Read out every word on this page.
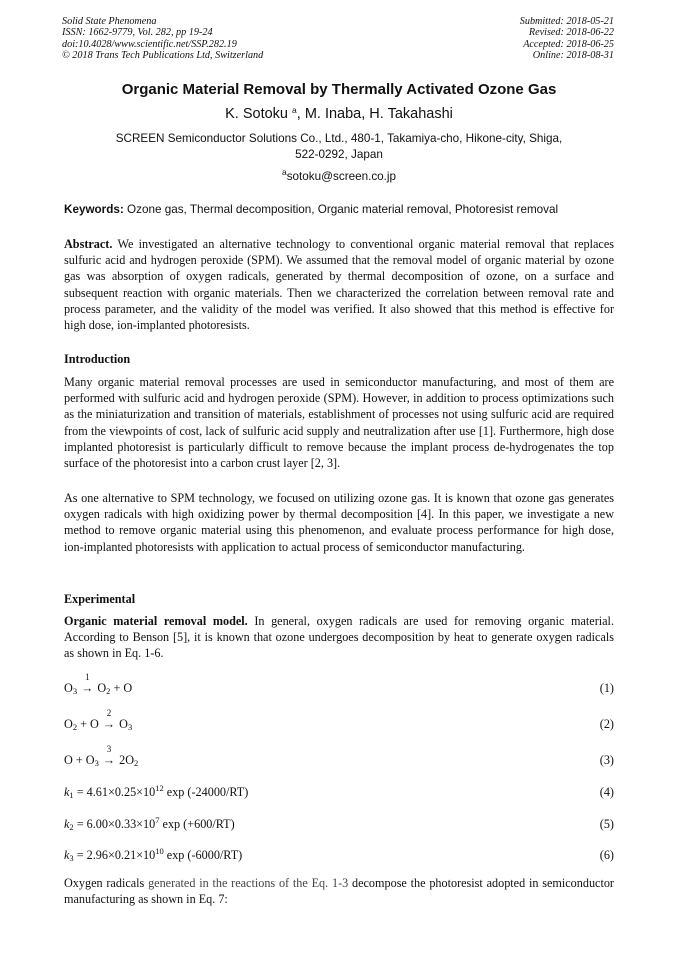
Solid State Phenomena
ISSN: 1662-9779, Vol. 282, pp 19-24
doi:10.4028/www.scientific.net/SSP.282.19
© 2018 Trans Tech Publications Ltd, Switzerland
Submitted: 2018-05-21
Revised: 2018-06-22
Accepted: 2018-06-25
Online: 2018-08-31
Organic Material Removal by Thermally Activated Ozone Gas
K. Sotoku $^a$, M. Inaba, H. Takahashi
SCREEN Semiconductor Solutions Co., Ltd., 480-1, Takamiya-cho, Hikone-city, Shiga,
522-0292, Japan
$^a$sotoku@screen.co.jp
Keywords: Ozone gas, Thermal decomposition, Organic material removal, Photoresist removal
Abstract. We investigated an alternative technology to conventional organic material removal that replaces sulfuric acid and hydrogen peroxide (SPM). We assumed that the removal model of organic material by ozone gas was absorption of oxygen radicals, generated by thermal decomposition of ozone, on a surface and subsequent reaction with organic materials. Then we characterized the correlation between removal rate and process parameter, and the validity of the model was verified. It also showed that this method is effective for high dose, ion-implanted photoresists.
Introduction
Many organic material removal processes are used in semiconductor manufacturing, and most of them are performed with sulfuric acid and hydrogen peroxide (SPM). However, in addition to process optimizations such as the miniaturization and transition of materials, establishment of processes not using sulfuric acid are required from the viewpoints of cost, lack of sulfuric acid supply and neutralization after use [1]. Furthermore, high dose implanted photoresist is particularly difficult to remove because the implant process de-hydrogenates the top surface of the photoresist into a carbon crust layer [2, 3].
As one alternative to SPM technology, we focused on utilizing ozone gas. It is known that ozone gas generates oxygen radicals with high oxidizing power by thermal decomposition [4]. In this paper, we investigate a new method to remove organic material using this phenomenon, and evaluate process performance for high dose, ion-implanted photoresists with application to actual process of semiconductor manufacturing.
Experimental
Organic material removal model. In general, oxygen radicals are used for removing organic material. According to Benson [5], it is known that ozone undergoes decomposition by heat to generate oxygen radicals as shown in Eq. 1-6.
$O_3$
1
→ $O_2 + O$	(1)
$O_2 + O$
2
→ $O_3$	(2)
$O + O_3$
3
→ $2O_2$	(3)
$k_1 = 4.61\times 0.25\times 10^{12}$ exp (-24000/RT)	(4)
$k_2 = 6.00\times 0.33\times 10^7$ exp (+600/RT)	(5)
$k_3 = 2.96\times 0.21\times 10^{10}$ exp (-6000/RT)	(6)
Oxygen radicals generated in the reactions of the Eq. 1-3 decompose the photoresist adopted in semiconductor manufacturing as shown in Eq. 7:
